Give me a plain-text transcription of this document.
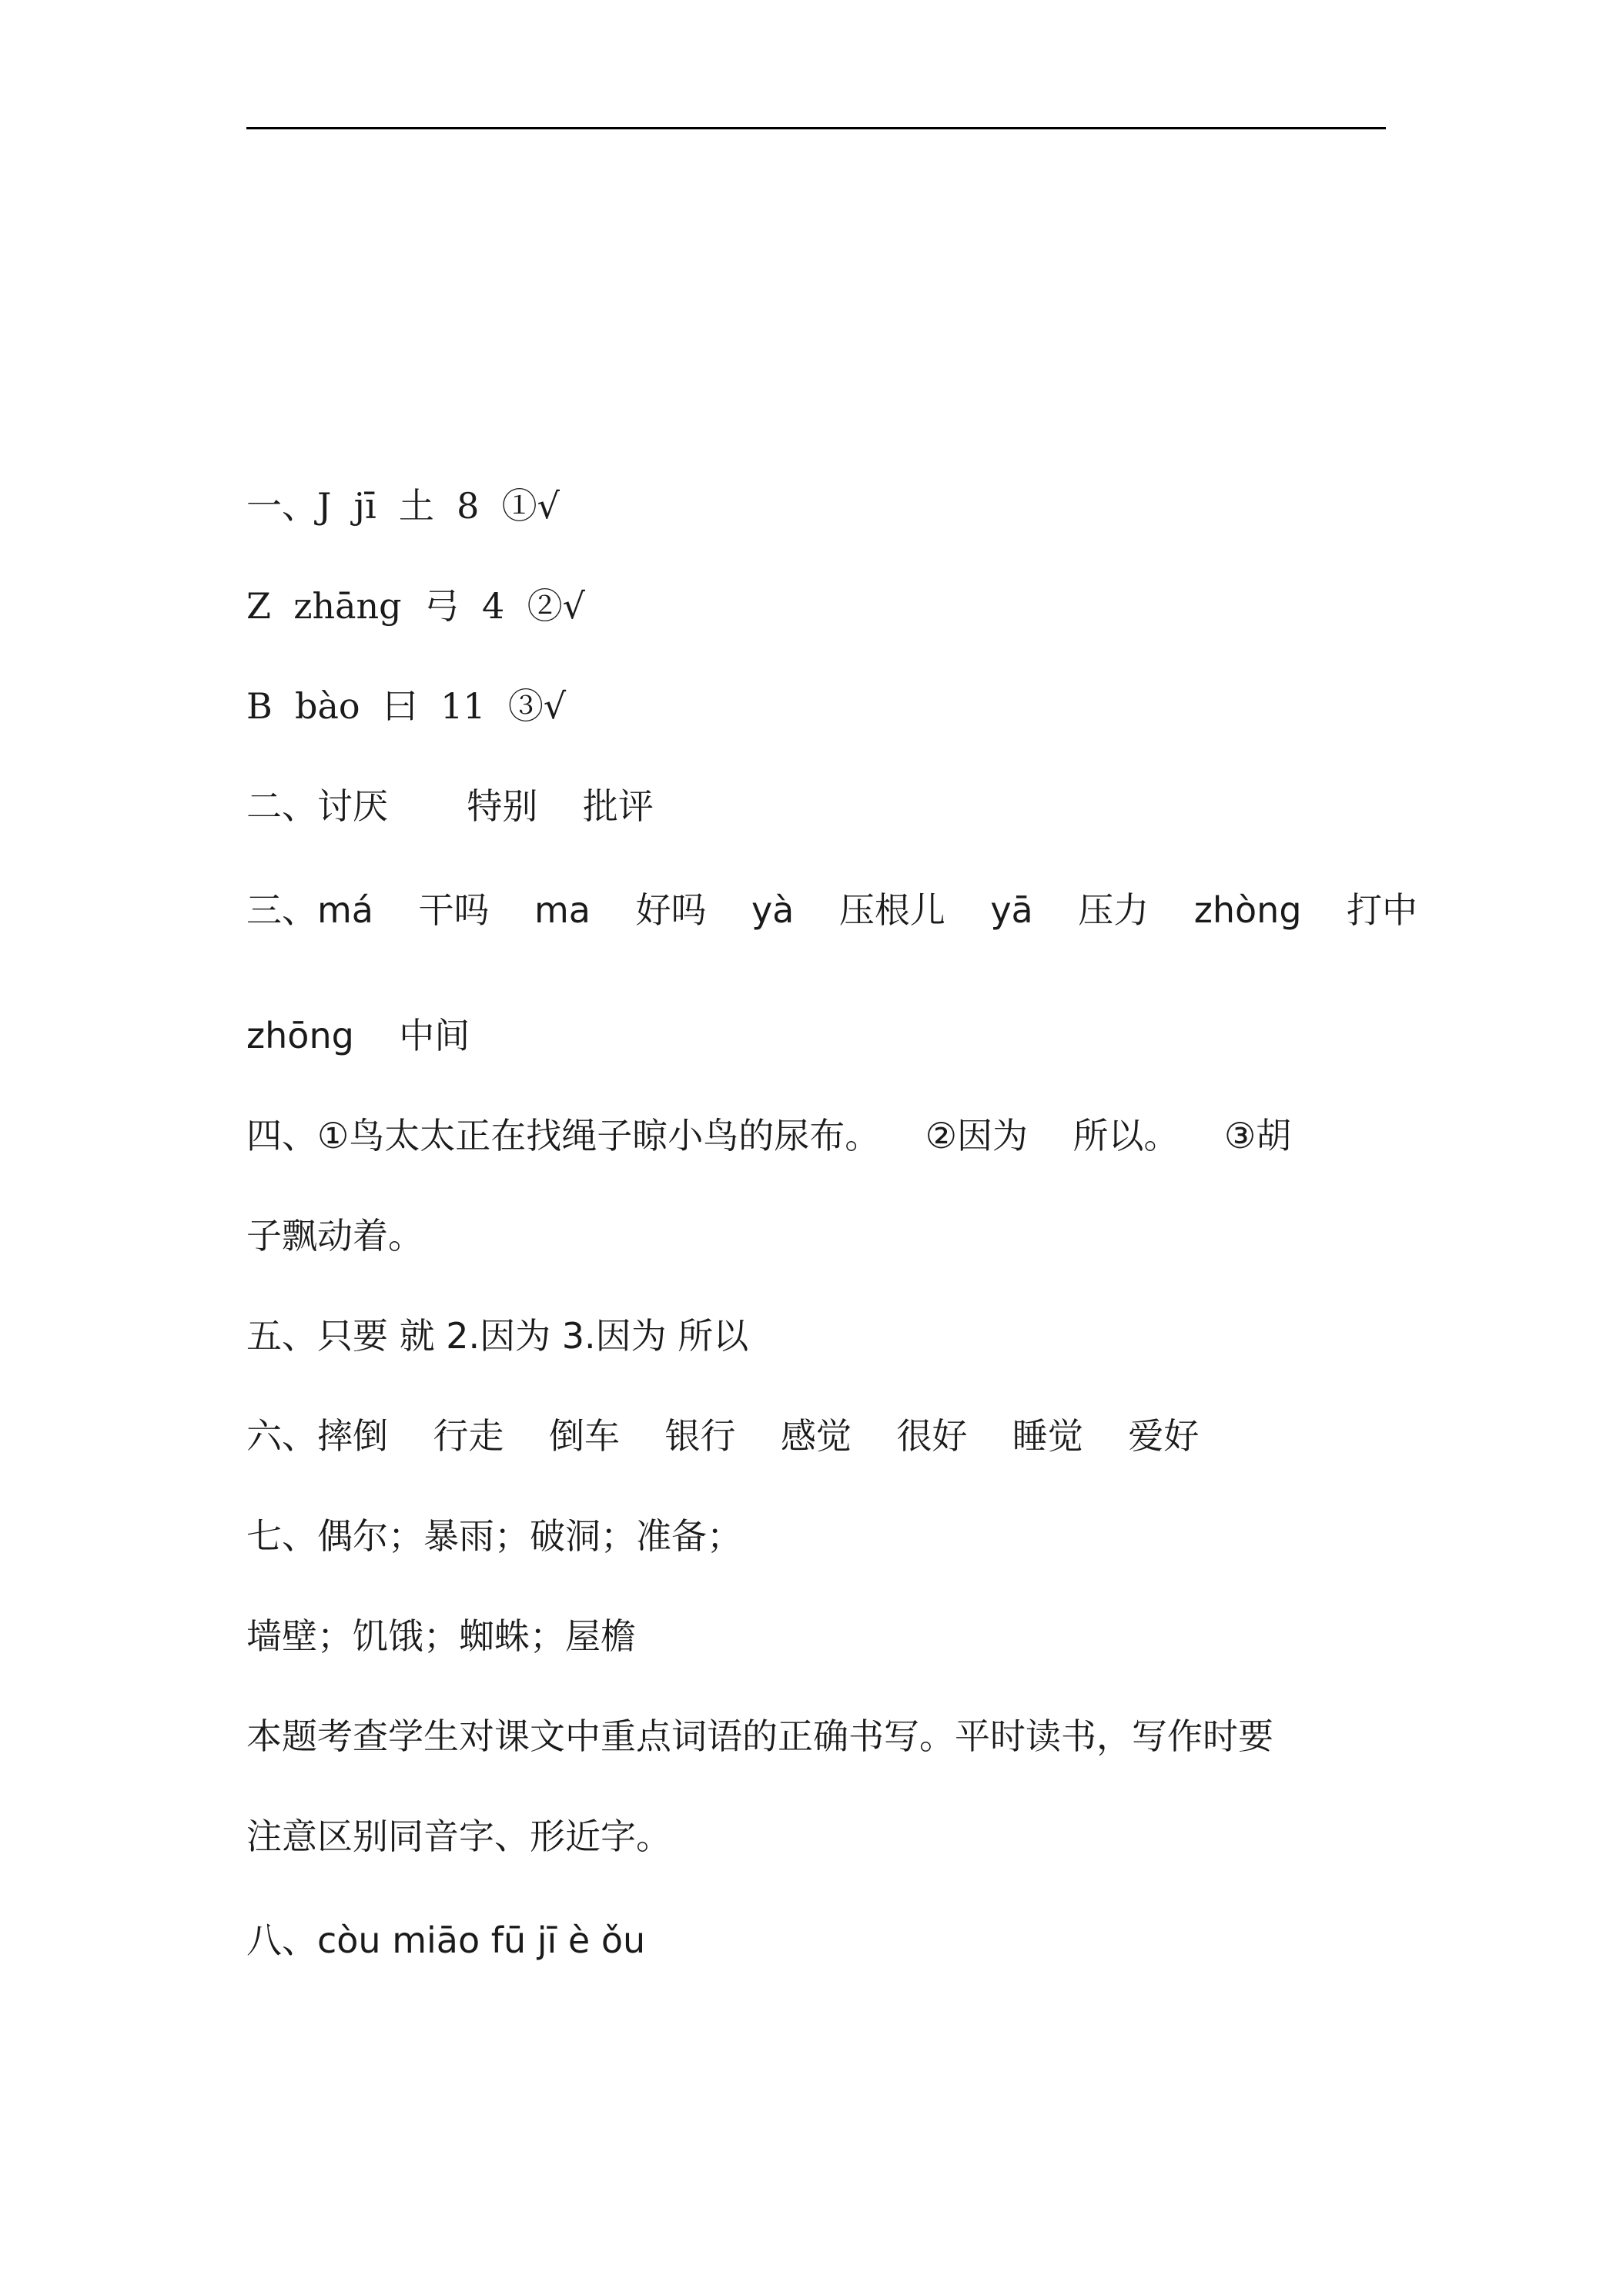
一、J  jī  土  8  ①√
Z  zhāng  弓  4  ②√
B  bào  曰  11  ③√
二、讨厌       特别    批评
三、má    干吗    ma    好吗    yà    压根儿    yā    压力    zhòng    打中
zhōng    中间
四、①鸟太太正在找绳子晾小鸟的尿布。    ②因为    所以。    ③胡
子飘动着。
五、只要 就 2.因为 3.因为 所以
六、摔倒    行走    倒车    银行    感觉    很好    睡觉    爱好
七、偶尔；暴雨；破洞；准备；
墙壁；饥饿；蜘蛛；屋檐
本题考查学生对课文中重点词语的正确书写。平时读书，写作时要
注意区别同音字、形近字。
八、còu miāo fū jī è ǒu
